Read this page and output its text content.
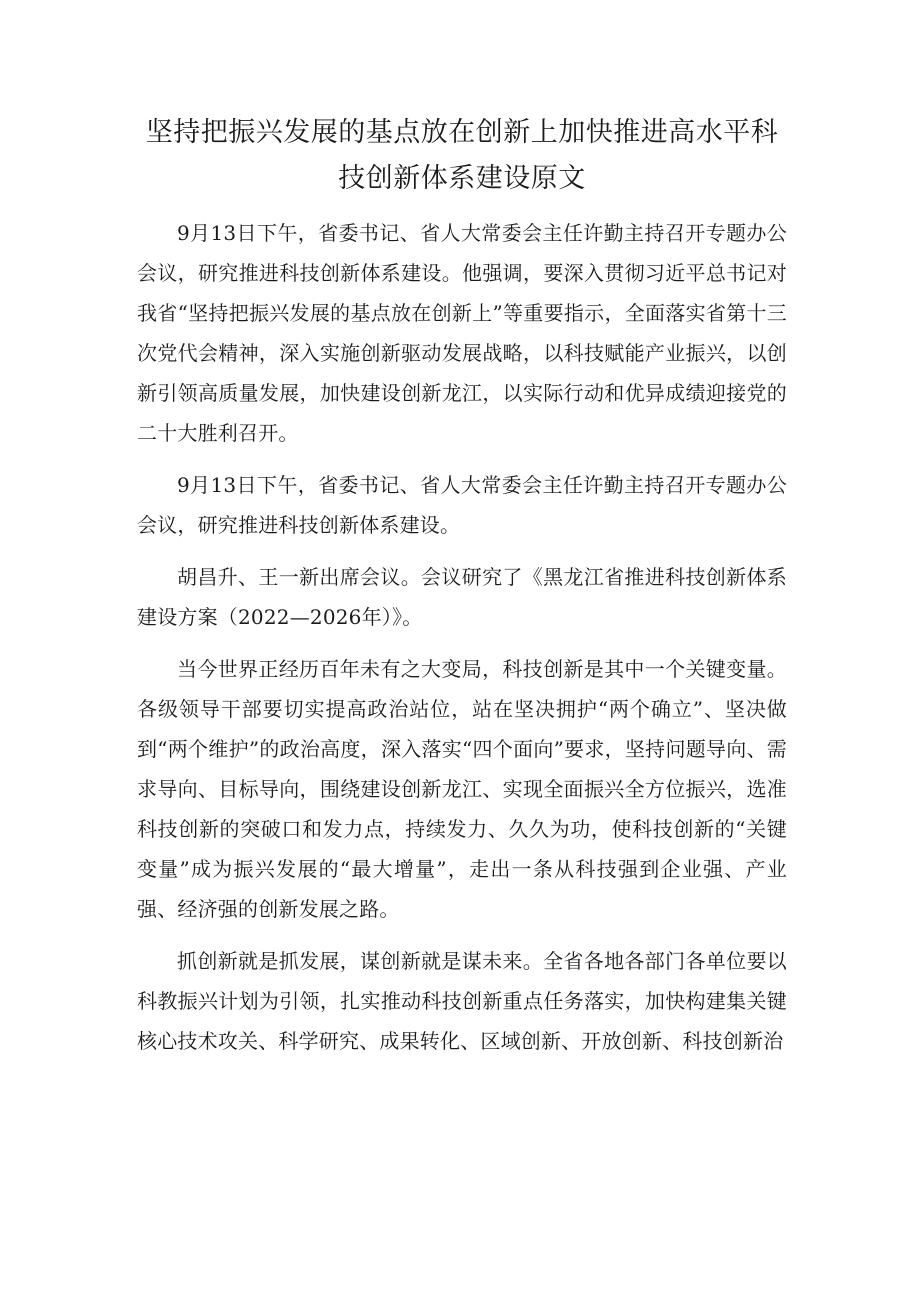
坚持把振兴发展的基点放在创新上加快推进高水平科技创新体系建设原文

9月13日下午，省委书记、省人大常委会主任许勤主持召开专题办公会议，研究推进科技创新体系建设。他强调，要深入贯彻习近平总书记对我省“坚持把振兴发展的基点放在创新上”等重要指示，全面落实省第十三次党代会精神，深入实施创新驱动发展战略，以科技赋能产业振兴，以创新引领高质量发展，加快建设创新龙江，以实际行动和优异成绩迎接党的二十大胜利召开。

9月13日下午，省委书记、省人大常委会主任许勤主持召开专题办公会议，研究推进科技创新体系建设。

胡昌升、王一新出席会议。会议研究了《黑龙江省推进科技创新体系建设方案（2022—2026年）》。

当今世界正经历百年未有之大变局，科技创新是其中一个关键变量。各级领导干部要切实提高政治站位，站在坚决拥护“两个确立”、坚决做到“两个维护”的政治高度，深入落实“四个面向”要求，坚持问题导向、需求导向、目标导向，围绕建设创新龙江、实现全面振兴全方位振兴，选准科技创新的突破口和发力点，持续发力、久久为功，使科技创新的“关键变量”成为振兴发展的“最大增量”，走出一条从科技强到企业强、产业强、经济强的创新发展之路。

抓创新就是抓发展，谋创新就是谋未来。全省各地各部门各单位要以科教振兴计划为引领，扎实推动科技创新重点任务落实，加快构建集关键核心技术攻关、科学研究、成果转化、区域创新、开放创新、科技创新治
